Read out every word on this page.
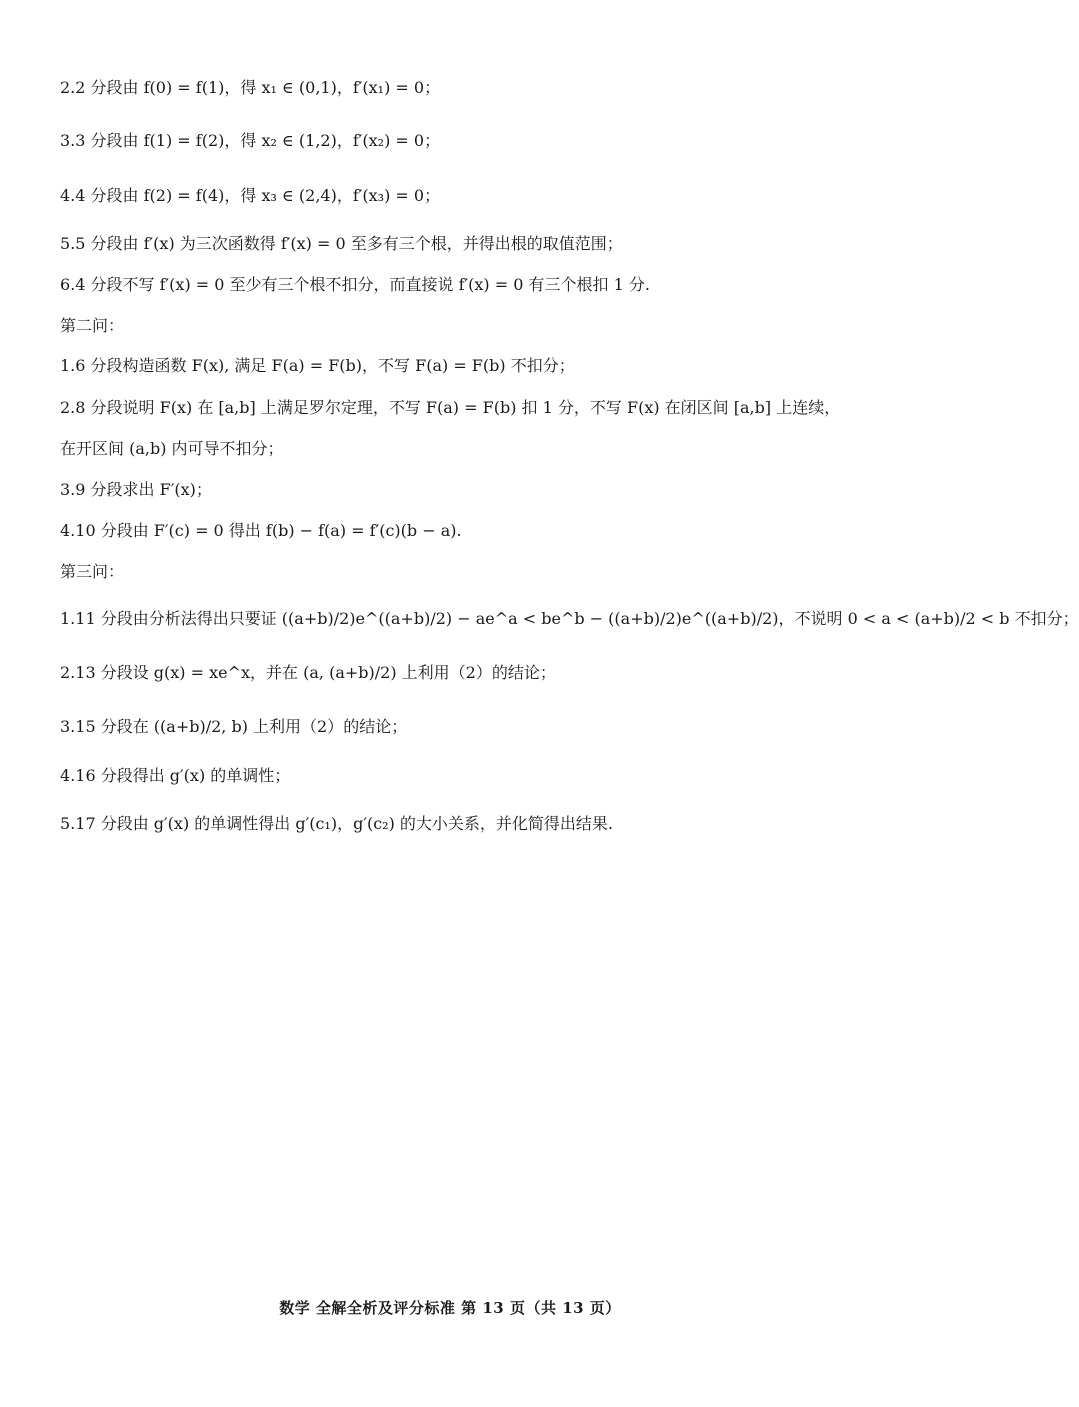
2.2 分段由 f(0) = f(1)，得 x₁ ∈ (0,1)，f′(x₁) = 0；
3.3 分段由 f(1) = f(2)，得 x₂ ∈ (1,2)，f′(x₂) = 0；
4.4 分段由 f(2) = f(4)，得 x₃ ∈ (2,4)，f′(x₃) = 0；
5.5 分段由 f′(x) 为三次函数得 f′(x) = 0 至多有三个根，并得出根的取值范围；
6.4 分段不写 f′(x) = 0 至少有三个根不扣分，而直接说 f′(x) = 0 有三个根扣 1 分.
第二问：
1.6 分段构造函数 F(x), 满足 F(a) = F(b)，不写 F(a) = F(b) 不扣分；
2.8 分段说明 F(x) 在 [a,b] 上满足罗尔定理，不写 F(a) = F(b) 扣 1 分，不写 F(x) 在闭区间 [a,b] 上连续，
在开区间 (a,b) 内可导不扣分；
3.9 分段求出 F′(x)；
4.10 分段由 F′(c) = 0 得出 f(b) − f(a) = f′(c)(b − a).
第三问：
1.11 分段由分析法得出只要证 ((a+b)/2)e^((a+b)/2) − ae^a < be^b − ((a+b)/2)e^((a+b)/2)，不说明 0 < a < (a+b)/2 < b 不扣分；
2.13 分段设 g(x) = xe^x，并在 (a, (a+b)/2) 上利用（2）的结论；
3.15 分段在 ((a+b)/2, b) 上利用（2）的结论；
4.16 分段得出 g′(x) 的单调性；
5.17 分段由 g′(x) 的单调性得出 g′(c₁)，g′(c₂) 的大小关系，并化简得出结果.
数学 全解全析及评分标准 第 13 页（共 13 页）
